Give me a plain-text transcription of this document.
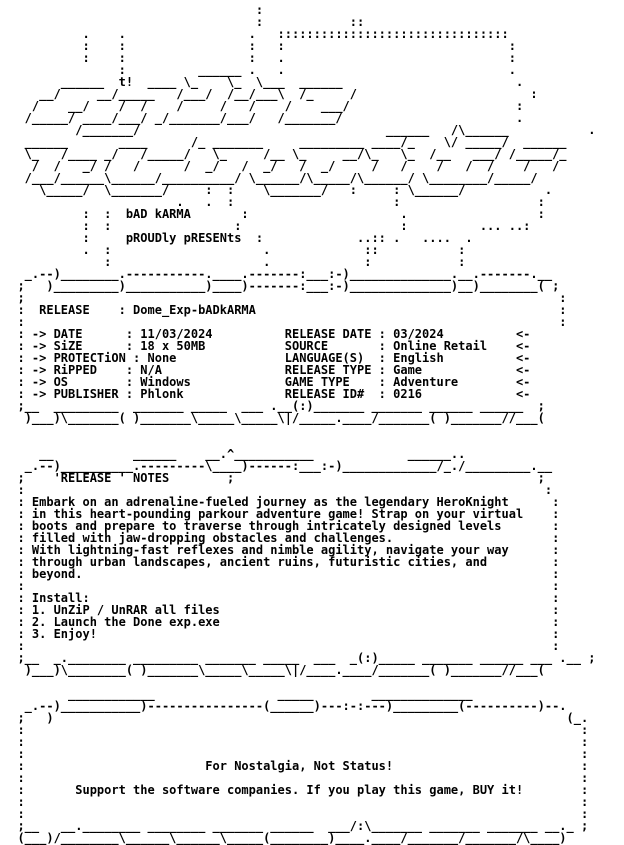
:
:            ::
.    .                 .   ::::::::::::::::::::::::::::::::
:    :                 :   :                               :
:    :                 :   .                               :
:          ______ .   .                               .
______  t!  ____ \_    \_  \___  ______                        .
__/     __/_____   /___/  /__/___\  /_     /                        :
/    __/    /  /    /     /   /    /    ___/                       :
/_____/ ____/___/ _/_______/___/   /_______/                        .
/_______/                                  ______   /\______           .
______       ____      /_ _______     _________ ____/_    \/ _____/  ______
\_   /____ _/   /_____/   \_     /__ \_     __/\_   \_  /__   ___/ /_____/_
/  /   _/ /   /      /  _/   /  _/   /  _/     /   /    /   /  /    /   /
/___/______\______/__________/ \______/\_____/\______/ \________/_____/
\_____/  \_______/     :  :    \_______/   :     : \______/           .
.   .  :                      :                   :
:  :  bAD kARMA       :                     .                  :
:  :                 :                      :          ... ..:
:     pROUDly pRESENts  :             ..:: .   ....  .
.  :                     .             ::           :
:                     .             :            :
_.--)________.-----------.____.-------:___:-)______________.__.-------.__
;   )_________)___________)____)-------:___:-)______________)__)________( ;
;                                                                          :
:  RELEASE    : Dome_Exp-bADkARMA                                          :
:                                                                          :
: -> DATE      : 11/03/2024          RELEASE DATE : 03/2024          <-
: -> SiZE      : 18 x 50MB           SOURCE       : Online Retail    <-
: -> PROTECTiON : None               LANGUAGE(S)  : English          <-
: -> RiPPED    : N/A                 RELEASE TYPE : Game             <-
: -> OS        : Windows             GAME TYPE    : Adventure        <-
: -> PUBLISHER : Phlonk              RELEASE ID#  : 0216             <-
;__  _________  _______ _____  ___ .__(:)_______ _______ ______ ______  ;
)___)\_______( )_______\_____\_____\|/_____.____/_______( )_______//___(
__           ______    __.^___________             ______..
_.--)__________.---------\____)------:___:-)_____________/_./_________.__
;    'RELEASE ' NOTES        ;                                          ;
:                                                                        :
: Embark on an adrenaline-fueled journey as the legendary HeroKnight      :
: in this heart-pounding parkour adventure game! Strap on your virtual    :
: boots and prepare to traverse through intricately designed levels       :
: filled with jaw-dropping obstacles and challenges.                      :
: With lightning-fast reflexes and nimble agility, navigate your way      :
: through urban landscapes, ancient ruins, futuristic cities, and         :
: beyond.                                                                 :
:                                                                         :
: Install:                                                                :
: 1. UnZiP / UnRAR all files                                              :
: 2. Launch the Done exp.exe                                              :
: 3. Enjoy!                                                               :
:                                                                         :
;__  _.________ _________ _______ _____  ___  _(:)_____ _______ ______ ___ .__ ;
)___)\________( )_______\_____\_____\|/____.____/_______( )_______//___(
____________                 _____        ______________
_.--)___________)----------------(______)---:-:---)_________(----------)--.
;   )                                                                       (_.
:                                                                             :
:                                                                             :
:                                                                             :
:                         For Nostalgia, Not Status!                          :
:                                                                             :
:       Support the software companies. If you play this game, BUY it!        :
:                                                                             :
:                                                                             :
;__   __.________ ________ _______ ______  ___/:\_______ _______ _______ __._ ;
(___)/________\______\______\_____(________)____.____/_______/_______/\____)
